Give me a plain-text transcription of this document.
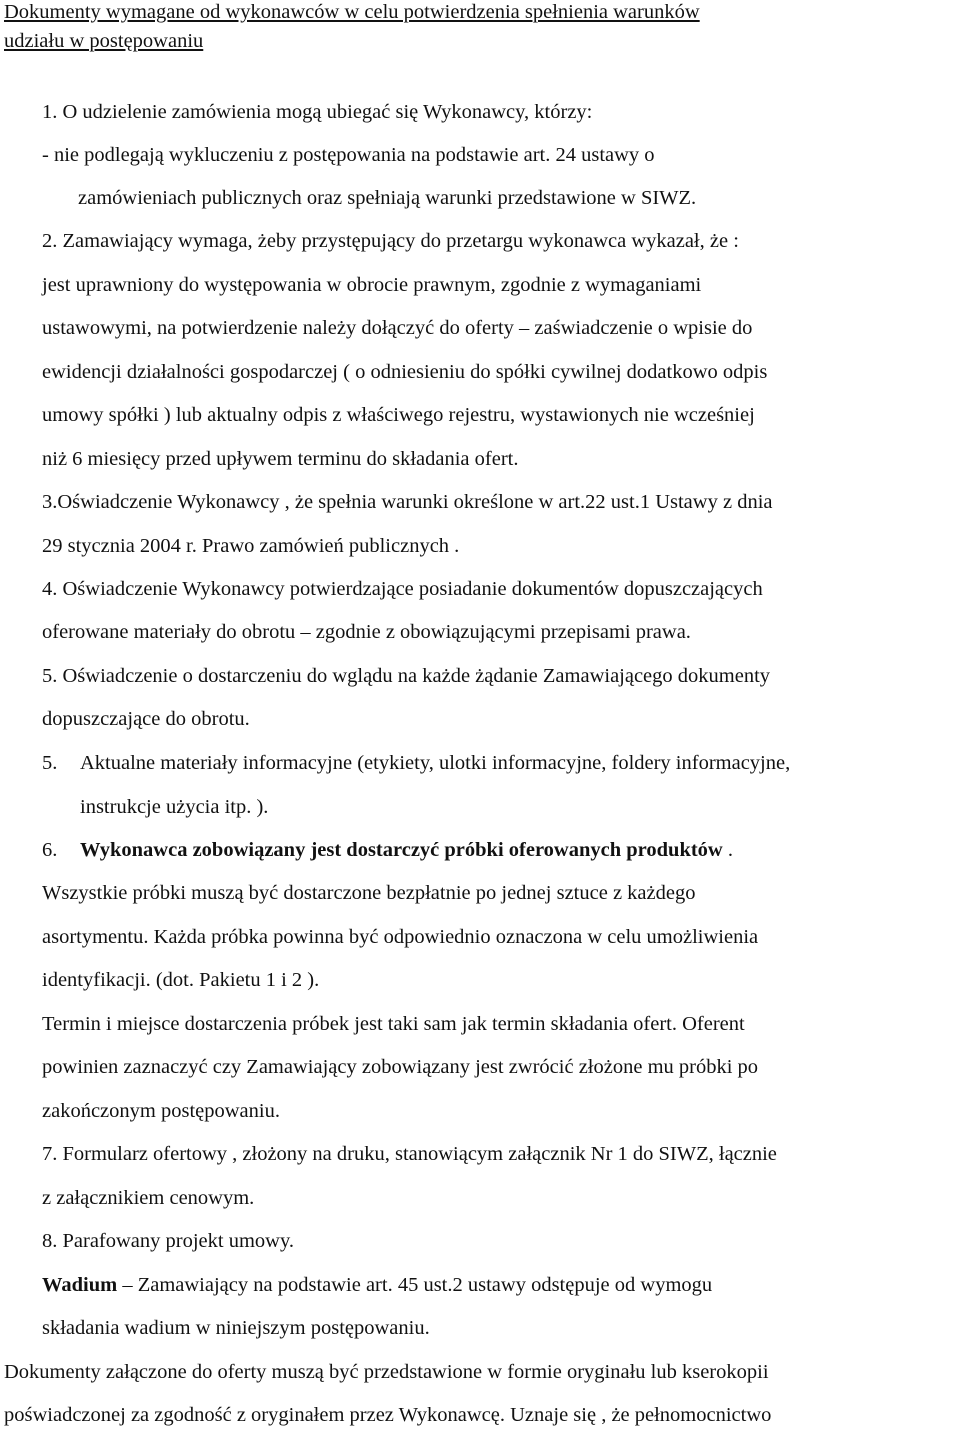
Dokumenty wymagane od wykonawców w celu potwierdzenia spełnienia warunków
udziału w postępowaniu
1. O udzielenie zamówienia mogą ubiegać się Wykonawcy, którzy:
- nie podlegają wykluczeniu z postępowania na podstawie art. 24 ustawy o
zamówieniach publicznych oraz spełniają warunki przedstawione w SIWZ.
2. Zamawiający wymaga, żeby przystępujący do przetargu wykonawca wykazał, że :
jest uprawniony do występowania w obrocie prawnym, zgodnie z wymaganiami
ustawowymi, na potwierdzenie należy dołączyć do oferty – zaświadczenie o wpisie do
ewidencji działalności gospodarczej ( o odniesieniu do spółki cywilnej dodatkowo odpis
umowy spółki ) lub aktualny odpis z właściwego rejestru, wystawionych nie wcześniej
niż 6 miesięcy przed upływem terminu do składania ofert.
3.Oświadczenie Wykonawcy , że spełnia warunki określone w art.22 ust.1 Ustawy z dnia
29 stycznia 2004 r. Prawo zamówień publicznych .
4. Oświadczenie Wykonawcy potwierdzające posiadanie dokumentów dopuszczających
oferowane materiały do obrotu – zgodnie z obowiązującymi przepisami prawa.
5. Oświadczenie o dostarczeniu do wglądu na każde żądanie Zamawiającego dokumenty
dopuszczające do obrotu.
5. Aktualne materiały informacyjne (etykiety, ulotki informacyjne, foldery informacyjne,
instrukcje użycia itp. ).
6. Wykonawca zobowiązany jest dostarczyć próbki oferowanych produktów .
Wszystkie próbki muszą być dostarczone bezpłatnie po jednej sztuce z każdego
asortymentu. Każda próbka powinna być odpowiednio oznaczona w celu umożliwienia
identyfikacji. (dot. Pakietu 1 i 2 ).
Termin i miejsce dostarczenia próbek jest taki sam jak termin składania ofert. Oferent
powinien zaznaczyć czy Zamawiający zobowiązany jest zwrócić złożone mu próbki po
zakończonym postępowaniu.
7. Formularz ofertowy , złożony na druku, stanowiącym załącznik Nr 1 do SIWZ, łącznie
z załącznikiem cenowym.
8. Parafowany projekt umowy.
Wadium – Zamawiający na podstawie art. 45 ust.2 ustawy odstępuje od wymogu
składania wadium w niniejszym postępowaniu.
Dokumenty załączone do oferty muszą być przedstawione w formie oryginału lub kserokopii
poświadczonej za zgodność z oryginałem przez Wykonawcę. Uznaje się , że pełnomocnictwo
